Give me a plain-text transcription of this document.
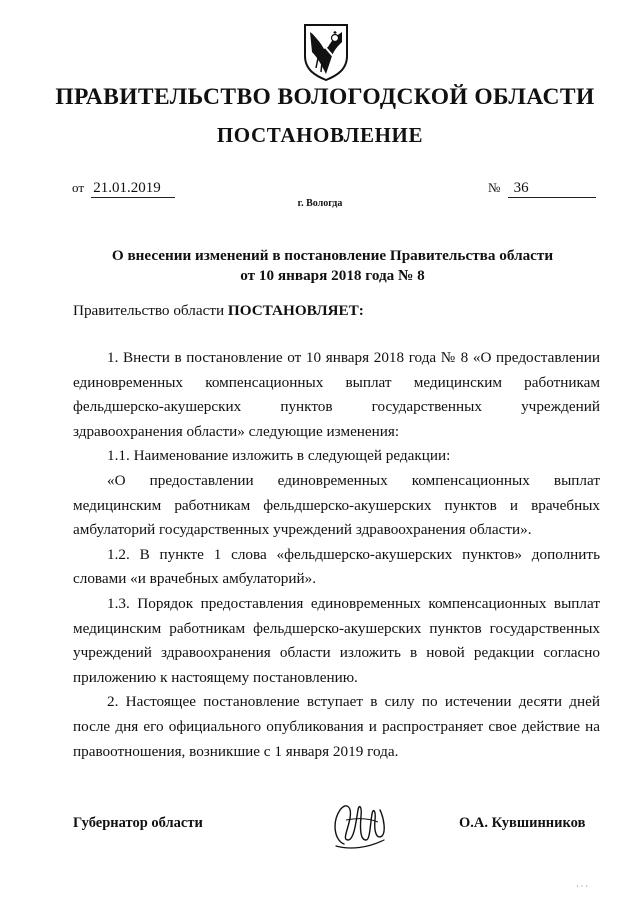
ПРАВИТЕЛЬСТВО ВОЛОГОДСКОЙ ОБЛАСТИ
ПОСТАНОВЛЕНИЕ
от 21.01.2019	№ 36
г. Вологда
О внесении изменений в постановление Правительства области
от 10 января 2018 года № 8
Правительство области ПОСТАНОВЛЯЕТ:

1. Внести в постановление от 10 января 2018 года № 8 «О предоставлении единовременных компенсационных выплат медицинским работникам фельдшерско-акушерских пунктов государственных учреждений здравоохранения области» следующие изменения:

1.1. Наименование изложить в следующей редакции:

«О предоставлении единовременных компенсационных выплат медицинским работникам фельдшерско-акушерских пунктов и врачебных амбулаторий государственных учреждений здравоохранения области».

1.2. В пункте 1 слова «фельдшерско-акушерских пунктов» дополнить словами «и врачебных амбулаторий».

1.3. Порядок предоставления единовременных компенсационных выплат медицинским работникам фельдшерско-акушерских пунктов государственных учреждений здравоохранения области изложить в новой редакции согласно приложению к настоящему постановлению.

2. Настоящее постановление вступает в силу по истечении десяти дней после дня его официального опубликования и распространяет свое действие на правоотношения, возникшие с 1 января 2019 года.

Губернатор области	О.А. Кувшинников
· · ·
